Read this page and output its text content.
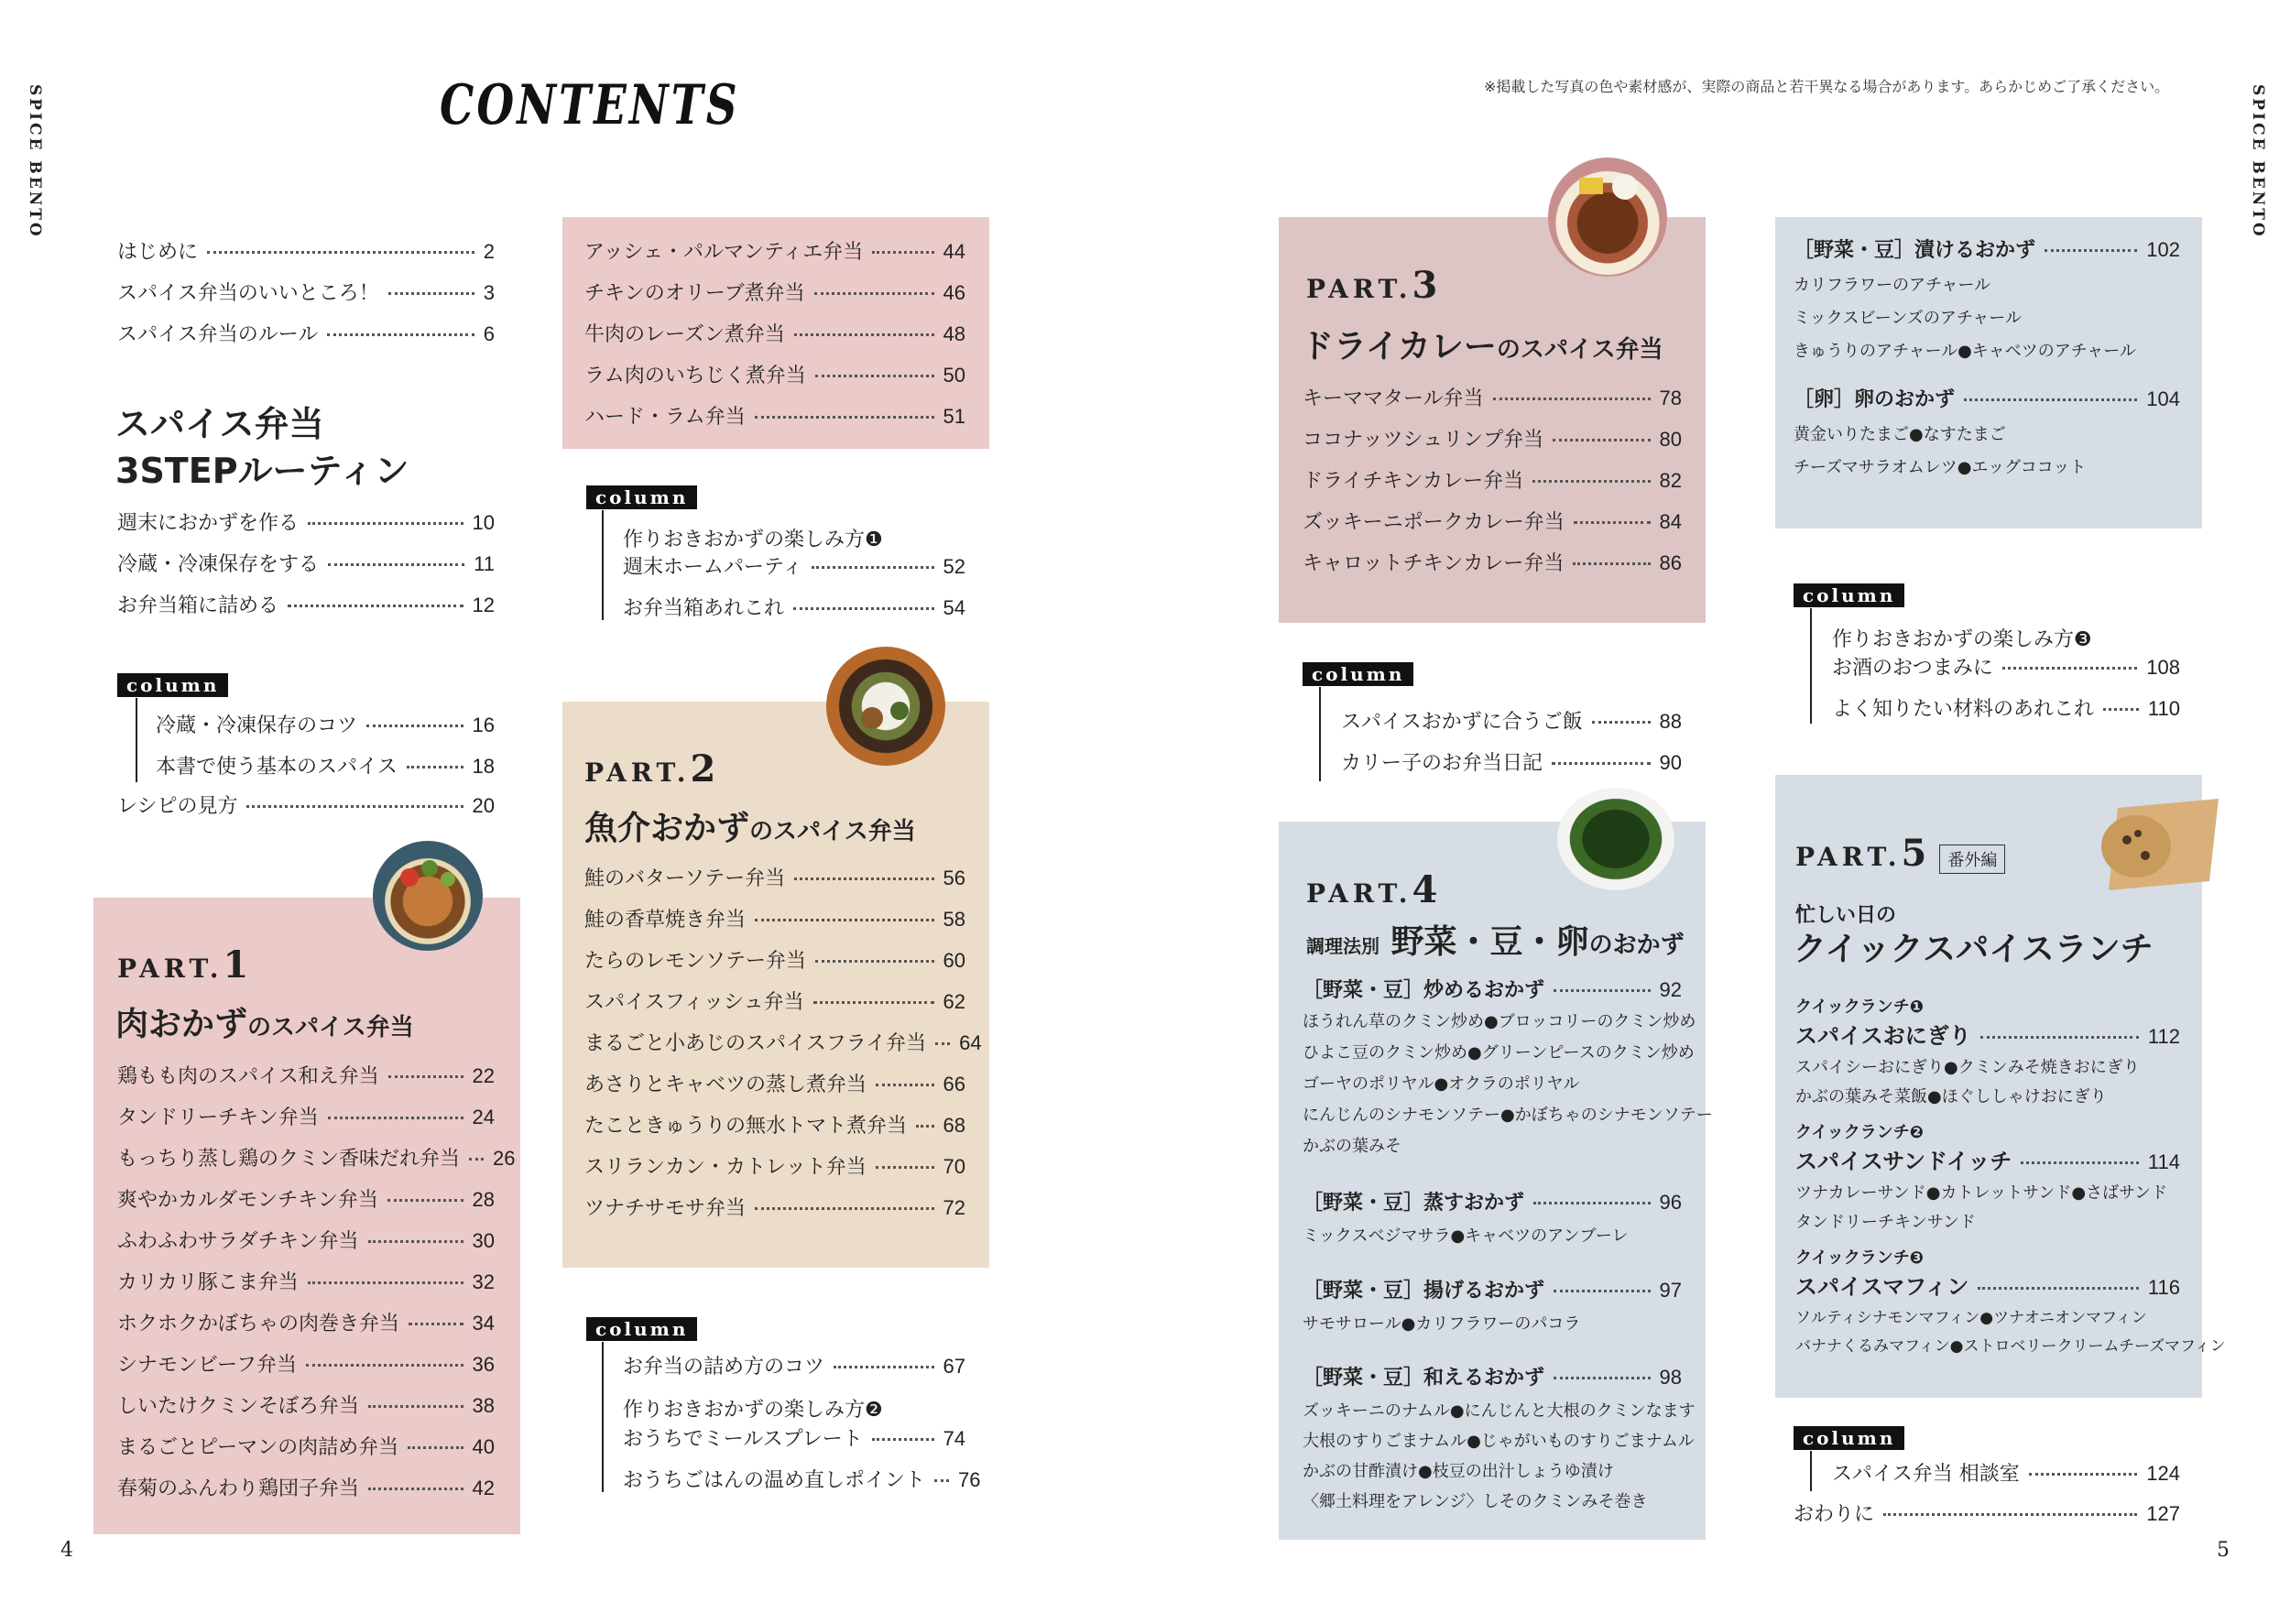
SPICE BENTO	SPICE BENTO
4	5
CONTENTS	※掲載した写真の色や素材感が、実際の商品と若干異なる場合があります。あらかじめご了承ください。
はじめに	2
スパイス弁当のいいところ！	3
スパイス弁当のルール	6
スパイス弁当
3STEPルーティン
週末におかずを作る	10
冷蔵・冷凍保存をする	11
お弁当箱に詰める	12
column
冷蔵・冷凍保存のコツ	16
本書で使う基本のスパイス	18
レシピの見方	20
PART.1
肉おかずのスパイス弁当
鶏もも肉のスパイス和え弁当	22
タンドリーチキン弁当	24
もっちり蒸し鶏のクミン香味だれ弁当 26
爽やかカルダモンチキン弁当	28
ふわふわサラダチキン弁当	30
カリカリ豚こま弁当	32
ホクホクかぼちゃの肉巻き弁当	34
シナモンビーフ弁当	36
しいたけクミンそぼろ弁当	38
まるごとピーマンの肉詰め弁当	40
春菊のふんわり鶏団子弁当	42
アッシェ・パルマンティエ弁当	44
チキンのオリーブ煮弁当	46
牛肉のレーズン煮弁当	48
ラム肉のいちじく煮弁当	50
ハード・ラム弁当	51
column
作りおきおかずの楽しみ方❶
週末ホームパーティ	52
お弁当箱あれこれ	54
PART.2
魚介おかずのスパイス弁当
鮭のバターソテー弁当	56
鮭の香草焼き弁当	58
たらのレモンソテー弁当	60
スパイスフィッシュ弁当	62
まるごと小あじのスパイスフライ弁当 64
あさりとキャベツの蒸し煮弁当	66
たこときゅうりの無水トマト煮弁当 68
スリランカン・カトレット弁当	70
ツナチサモサ弁当	72
column
お弁当の詰め方のコツ	67
作りおきおかずの楽しみ方❷
おうちでミールスプレート	74
おうちごはんの温め直しポイント 76
PART.3
ドライカレーのスパイス弁当
キーママタール弁当	78
ココナッツシュリンプ弁当	80
ドライチキンカレー弁当	82
ズッキーニポークカレー弁当	84
キャロットチキンカレー弁当	86
column
スパイスおかずに合うご飯	88
カリー子のお弁当日記	90
PART.4
調理法別 野菜・豆・卵のおかず
［野菜・豆］炒めるおかず	92
ほうれん草のクミン炒め●ブロッコリーのクミン炒め
ひよこ豆のクミン炒め●グリーンピースのクミン炒め
ゴーヤのポリヤル●オクラのポリヤル
にんじんのシナモンソテー●かぼちゃのシナモンソテー
かぶの葉みそ
［野菜・豆］蒸すおかず	96
ミックスベジマサラ●キャベツのアンブーレ
［野菜・豆］揚げるおかず	97
サモサロール●カリフラワーのパコラ
［野菜・豆］和えるおかず	98
ズッキーニのナムル●にんじんと大根のクミンなます
大根のすりごまナムル●じゃがいものすりごまナムル
かぶの甘酢漬け●枝豆の出汁しょうゆ漬け
〈郷土料理をアレンジ〉しそのクミンみそ巻き
［野菜・豆］漬けるおかず	102
カリフラワーのアチャール
ミックスビーンズのアチャール
きゅうりのアチャール●キャベツのアチャール
［卵］卵のおかず	104
黄金いりたまご●なすたまご
チーズマサラオムレツ●エッグココット
column
作りおきおかずの楽しみ方❸
お酒のおつまみに	108
よく知りたい材料のあれこれ	110
PART.5 番外編
忙しい日の
クイックスパイスランチ
クイックランチ❶
スパイスおにぎり	112
スパイシーおにぎり●クミンみそ焼きおにぎり
かぶの葉みそ菜飯●ほぐししゃけおにぎり
クイックランチ❷
スパイスサンドイッチ	114
ツナカレーサンド●カトレットサンド●さばサンド
タンドリーチキンサンド
クイックランチ❸
スパイスマフィン	116
ソルティシナモンマフィン●ツナオニオンマフィン
バナナくるみマフィン●ストロベリークリームチーズマフィン
column
スパイス弁当 相談室	124
おわりに	127
